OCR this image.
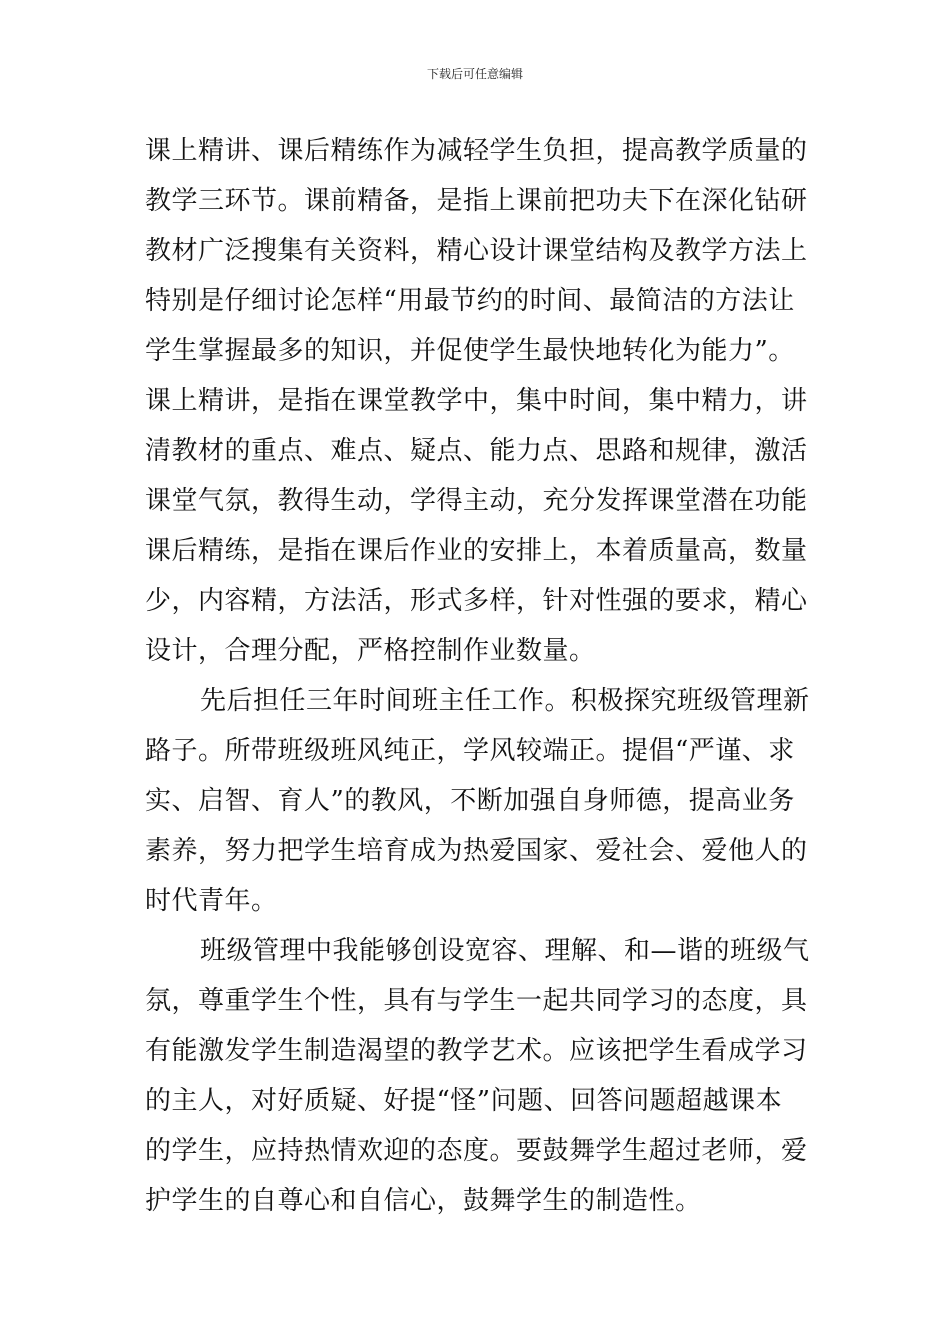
下载后可任意编辑
课上精讲、课后精练作为减轻学生负担，提高教学质量的
教学三环节。课前精备，是指上课前把功夫下在深化钻研
教材广泛搜集有关资料，精心设计课堂结构及教学方法上
特别是仔细讨论怎样“用最节约的时间、最简洁的方法让
学生掌握最多的知识，并促使学生最快地转化为能力”。
课上精讲，是指在课堂教学中，集中时间，集中精力，讲
清教材的重点、难点、疑点、能力点、思路和规律，激活
课堂气氛，教得生动，学得主动，充分发挥课堂潜在功能
课后精练，是指在课后作业的安排上，本着质量高，数量
少，内容精，方法活，形式多样，针对性强的要求，精心
设计，合理分配，严格控制作业数量。
先后担任三年时间班主任工作。积极探究班级管理新
路子。所带班级班风纯正，学风较端正。提倡“严谨、求
实、启智、育人”的教风，不断加强自身师德，提高业务
素养，努力把学生培育成为热爱国家、爱社会、爱他人的
时代青年。
班级管理中我能够创设宽容、理解、和—谐的班级气
氛，尊重学生个性，具有与学生一起共同学习的态度，具
有能激发学生制造渴望的教学艺术。应该把学生看成学习
的主人，对好质疑、好提“怪”问题、回答问题超越课本
的学生，应持热情欢迎的态度。要鼓舞学生超过老师，爱
护学生的自尊心和自信心，鼓舞学生的制造性。
